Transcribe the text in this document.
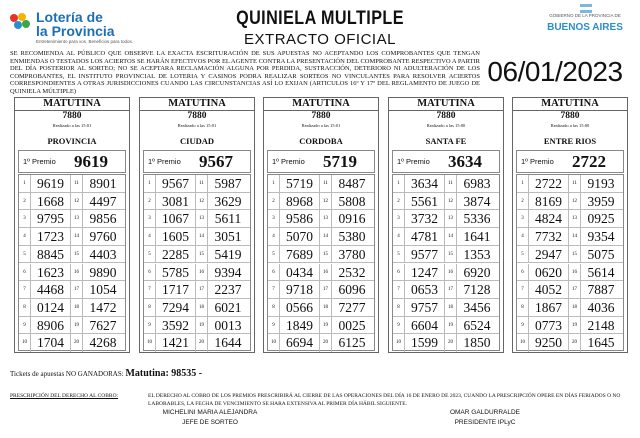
Lotería de
la Provincia
Entretenimiento para vos. Beneficios para todos.
QUINIELA MULTIPLE
EXTRACTO OFICIAL
GOBIERNO DE LA PROVINCIA DE
BUENOS AIRES
SE RECOMIENDA AL PÚBLICO QUE OBSERVE LA EXACTA ESCRITURACIÓN DE SUS APUESTAS NO ACEPTANDO LOS COMPROBANTES QUE TENGAN ENMIENDAS O TESTADOS LOS ACIERTOS SE HARÁN EFECTIVOS POR EL AGENTE CONTRA LA PRESENTACIÓN DEL COMPROBANTE RESPECTIVO A PARTIR DEL DÍA POSTERIOR AL SORTEO; NO SE ACEPTARA RECLAMACIÓN ALGUNA POR PERDIDA, SUSTRACCIÓN, DETERIORO NI ADULTERACIÓN DE LOS COMPROBANTES, EL INSTITUTO PROVINCIAL DE LOTERIA Y CASINOS PODRA REALIZAR SORTEOS NO VINCULANTES PARA RESOLVER ACIERTOS CORRESPONDIENTES A OTRAS JURISDICCIONES CUANDO LAS CIRCUNSTANCIAS ASÍ LO EXIJAN (ARTICULOS 16º Y 17º DEL REGLAMENTO DE JUEGO DE QUINIELA MÚLTIPLE)
06/01/2023
MATUTINA
7880
Realizado a las 15:01
PROVINCIA
1º Premio	9619
1 9619	11 8901
2 1668	12 4497
3 9795	13 9856
4 1723	14 9760
5 8845	15 4403
6 1623	16 9890
7 4468	17 1054
8 0124	18 1472
9 8906	19 7627
10 1704	20 4268
MATUTINA
7880
Realizado a las 15:01
CIUDAD
1º Premio	9567
1 9567	11 5987
2 3081	12 3629
3 1067	13 5611
4 1605	14 3051
5 2285	15 5419
6 5785	16 9394
7 1717	17 2237
8 7294	18 6021
9 3592	19 0013
10 1421	20 1644
MATUTINA
7880
Realizado a las 15:01
CORDOBA
1º Premio	5719
1 5719	11 8487
2 8968	12 5808
3 9586	13 0916
4 5070	14 5380
5 7689	15 3780
6 0434	16 2532
7 9718	17 6096
8 0566	18 7277
9 1849	19 0025
10 6694	20 6125
MATUTINA
7880
Realizado a las 15:00
SANTA FE
1º Premio	3634
1 3634	11 6983
2 5561	12 3874
3 3732	13 5336
4 4781	14 1641
5 9577	15 1353
6 1247	16 6920
7 0653	17 7128
8 9757	18 3456
9 6604	19 6524
10 1599	20 1850
MATUTINA
7880
Realizado a las 15:00
ENTRE RIOS
1º Premio	2722
1 2722	11 9193
2 8169	12 3959
3 4824	13 0925
4 7732	14 9354
5 2947	15 5075
6 0620	16 5614
7 4052	17 7887
8 1867	18 4036
9 0773	19 2148
10 9250	20 1645
Tickets de apuestas NO GANADORAS: Matutina: 98535 -
PRESCRIPCIÓN DEL DERECHO AL COBRO:	EL DERECHO AL COBRO DE LOS PREMIOS PRESCRIBIRÁ AL CIERRE DE LAS OPERACIONES DEL DÍA 16 DE ENERO DE 2023, CUANDO LA PRESCRIPCIÓN OPERE EN DÍAS FERIADOS O NO LABORABLES, LA FECHA DE VENCIMIENTO SE HARA EXTENSIVA AL PRIMER DÍA HÁBIL SIGUIENTE.
MICHELINI MARIA ALEJANDRA
JEFE DE SORTEO
OMAR GALDURRALDE
PRESIDENTE IPLyC
